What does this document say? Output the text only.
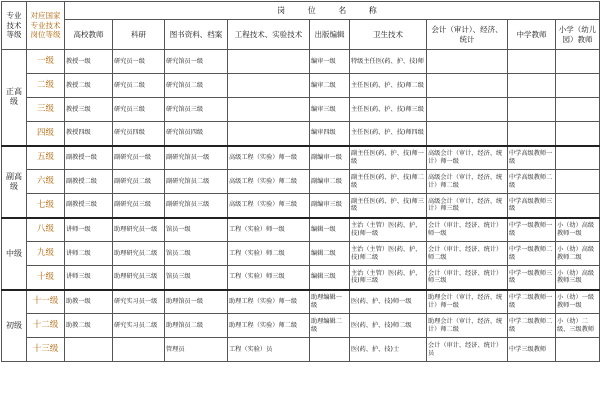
专业技术等级	对应国家专业技术岗位等级	岗 位 名 称								
		高校教师	科研	图书资料、档案	工程技术、实验技术	出版编辑	卫生技术	会计（审计）、经济、统计	中学教师	小学（幼儿园）教师
正高级	一级	教授一级	研究员一级	研究馆员一级		编审一级	特级主任医(药、护、技)师			
	二级	教授二级	研究员二级	研究馆员二级		编审二级	主任医(药、护、技)师二级			
	三级	教授三级	研究员三级	研究馆员三级		编审三级	主任医(药、护、技)师三级			
	四级	教授四级	研究员四级	研究馆员四级		编审四级	主任医(药、护、技)师四级			
副高级	五级	副教授一级	副研究员一级	副研究馆员一级	高级工程（实验）师一级	副编审一级	副主任医(药、护、技)师一级	高级会计（审计、经济、统计）师一级	中学高级教师一级	
	六级	副教授二级	副研究员二级	副研究馆员二级	高级工程（实验）师二级	副编审二级	副主任医(药、护、技)师二级	高级会计（审计、经济、统计）师二级	中学高级教师二级	
	七级	副教授三级	副研究员三级	副研究馆员三级	高级工程（实验）师三级	副编审三级	副主任医(药、护、技)师三级	高级会计（审计、经济、统计）师三级	中学高级教师三级	
中级	八级	讲师一级	助理研究员一级	馆员一级	工程（实验）师一级	编辑一级	主治（主管）医(药、护、技)师一级	会计（审计、经济、统计）师一级	中学一级教师一级	小（幼）高级教师一级
	九级	讲师二级	助理研究员二级	馆员二级	工程（实验）师二级	编辑二级	主治（主管）医(药、护、技)师二级	会计（审计、经济、统计）师二级	中学一级教师二级	小（幼）高级教师二级
	十级	讲师三级	助理研究员三级	馆员三级	工程（实验）师三级	编辑三级	主治（主管）医(药、护、技)师三级	会计（审计、经济、统计）师三级	中学一级教师三级	小（幼）高级教师三级
初级	十一级	助教一级	研究实习员一级	助理馆员一级	助理工程（实验）师一级	助理编辑一级	医(药、护、技)师一级	助理会计（审计、经济、统计）师一级	中学二级教师一级	小（幼）一级教师一级
	十二级	助教二级	研究实习员二级	助理馆员二级	助理工程（实验）师二级	助理编辑二级	医(药、护、技)师二级	助理会计（审计、经济、统计）师二级	中学二级教师二级	小（幼）二级、三级教师
	十三级			管理员	工程（实验）员		医(药、护、技)士	会计（审计、经济、统计）员	中学三级教师	
